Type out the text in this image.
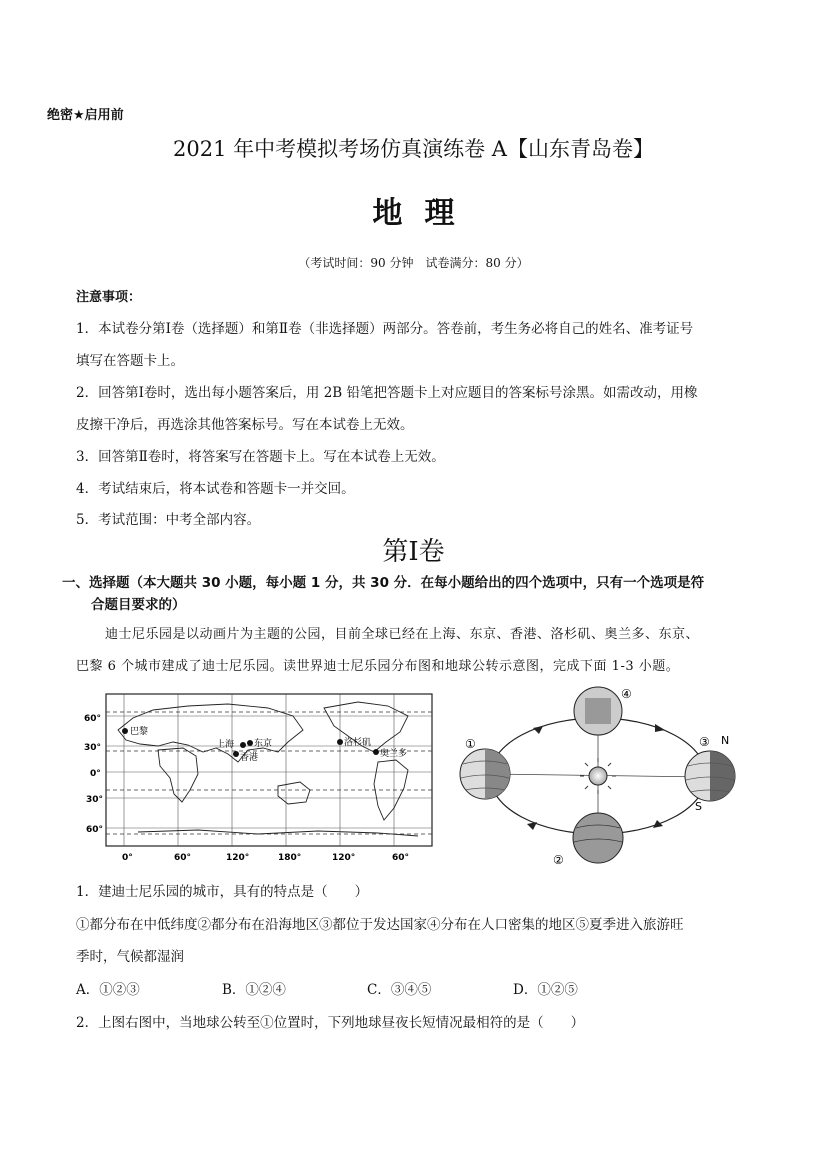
绝密★启用前
2021 年中考模拟考场仿真演练卷 A【山东青岛卷】
地理
（考试时间：90 分钟　试卷满分：80 分）
注意事项：
1．本试卷分第Ⅰ卷（选择题）和第Ⅱ卷（非选择题）两部分。答卷前，考生务必将自己的姓名、准考证号
填写在答题卡上。
2．回答第Ⅰ卷时，选出每小题答案后，用 2B 铅笔把答题卡上对应题目的答案标号涂黑。如需改动，用橡
皮擦干净后，再选涂其他答案标号。写在本试卷上无效。
3．回答第Ⅱ卷时，将答案写在答题卡上。写在本试卷上无效。
4．考试结束后，将本试卷和答题卡一并交回。
5．考试范围：中考全部内容。
第Ⅰ卷
一、选择题（本大题共 30 小题，每小题 1 分，共 30 分．在每小题给出的四个选项中，只有一个选项是符
合题目要求的）
迪士尼乐园是以动画片为主题的公园，目前全球已经在上海、东京、香港、洛杉矶、奥兰多、东京、
巴黎 6 个城市建成了迪士尼乐园。读世界迪士尼乐园分布图和地球公转示意图，完成下面 1-3 小题。
巴黎
上海 东京
香港
洛杉矶
奥兰多
60°
30°
0°
30°
60°
0°	60°	120°	180°	120°	60°
①
②
③
④
N
S
1．建迪士尼乐园的城市，具有的特点是（　　）
①都分布在中低纬度②都分布在沿海地区③都位于发达国家④分布在人口密集的地区⑤夏季进入旅游旺
季时，气候都湿润
A．①②③	B．①②④	C．③④⑤	D．①②⑤
2．上图右图中，当地球公转至①位置时，下列地球昼夜长短情况最相符的是（　　）
